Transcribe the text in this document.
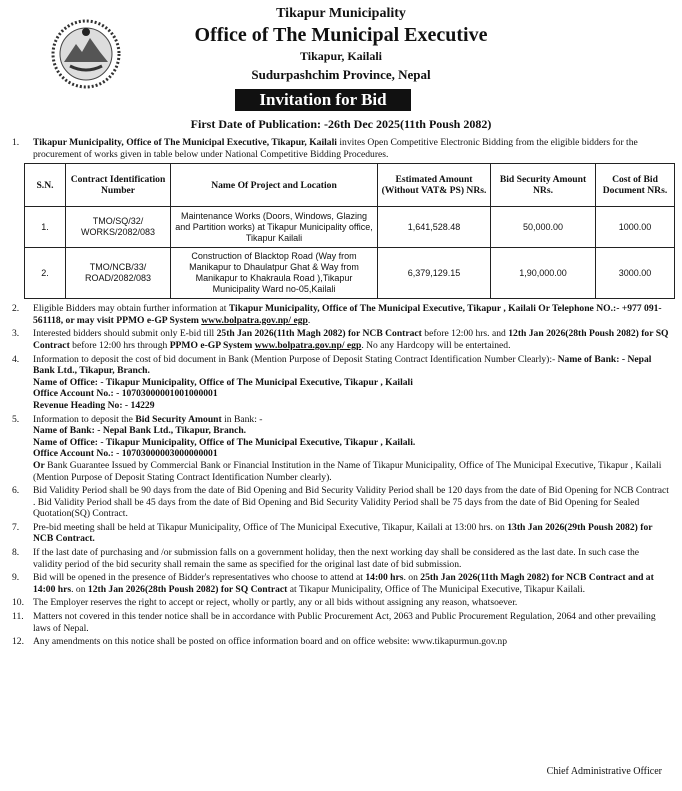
Tikapur Municipality
Office of The Municipal Executive
Tikapur, Kailali
Sudurpashchim Province, Nepal
Invitation for Bid
First Date of Publication: -26th Dec 2025(11th Poush 2082)
1.	Tikapur Municipality, Office of The Municipal Executive, Tikapur, Kailali invites Open Competitive Electronic Bidding from the eligible bidders for the procurement of works given in table below under National Competitive Bidding Procedures.
S.N.	Contract Identification Number	Name Of Project and Location	Estimated Amount (Without VAT& PS) NRs.	Bid Security Amount NRs.	Cost of Bid Document NRs.
1.	TMO/SQ/32/ WORKS/2082/083	Maintenance Works (Doors, Windows, Glazing and Partition works) at Tikapur Municipality office, Tikapur Kailali	1,641,528.48	50,000.00	1000.00
2.	TMO/NCB/33/ ROAD/2082/083	Construction of Blacktop Road (Way from Manikapur to Dhaulatpur Ghat & Way from Manikapur to Khakraula Road ),Tikapur Municipality Ward no-05,Kailali	6,379,129.15	1,90,000.00	3000.00
2.	Eligible Bidders may obtain further information at Tikapur Municipality, Office of The Municipal Executive, Tikapur , Kailali Or Telephone NO.:- +977 091-561118, or may visit PPMO e-GP System www.bolpatra.gov.np/ egp.
3.	Interested bidders should submit only E-bid till 25th Jan 2026(11th Magh 2082) for NCB Contract before 12:00 hrs. and 12th Jan 2026(28th Poush 2082) for SQ Contract before 12:00 hrs through PPMO e-GP System www.bolpatra.gov.np/ egp. No any Hardcopy will be entertained.
4.	Information to deposit the cost of bid document in Bank (Mention Purpose of Deposit Stating Contract Identification Number Clearly):- Name of Bank: - Nepal Bank Ltd., Tikapur, Branch.
Name of Office: - Tikapur Municipality, Office of The Municipal Executive, Tikapur , Kailali
Office Account No.: - 10703000001001000001
Revenue Heading No: - 14229
5.	Information to deposit the Bid Security Amount in Bank: -
Name of Bank: - Nepal Bank Ltd., Tikapur, Branch.
Name of Office: - Tikapur Municipality, Office of The Municipal Executive, Tikapur , Kailali.
Office Account No.: - 10703000003000000001
Or Bank Guarantee Issued by Commercial Bank or Financial Institution in the Name of Tikapur Municipality, Office of The Municipal Executive, Tikapur , Kailali (Mention Purpose of Deposit Stating Contract Identification Number clearly).
6.	Bid Validity Period shall be 90 days from the date of Bid Opening and Bid Security Validity Period shall be 120 days from the date of Bid Opening for NCB Contract . Bid Validity Period shall be 45 days from the date of Bid Opening and Bid Security Validity Period shall be 75 days from the date of Bid Opening for Sealed Quotation(SQ) Contract.
7.	Pre-bid meeting shall be held at Tikapur Municipality, Office of The Municipal Executive, Tikapur, Kailali at 13:00 hrs. on 13th Jan 2026(29th Poush 2082) for NCB Contract.
8.	If the last date of purchasing and /or submission falls on a government holiday, then the next working day shall be considered as the last date. In such case the validity period of the bid security shall remain the same as specified for the original last date of bid submission.
9.	Bid will be opened in the presence of Bidder's representatives who choose to attend at 14:00 hrs. on 25th Jan 2026(11th Magh 2082) for NCB Contract and at 14:00 hrs. on 12th Jan 2026(28th Poush 2082) for SQ Contract at Tikapur Municipality, Office of The Municipal Executive, Tikapur Kailali.
10. The Employer reserves the right to accept or reject, wholly or partly, any or all bids without assigning any reason, whatsoever.
11. Matters not covered in this tender notice shall be in accordance with Public Procurement Act, 2063 and Public Procurement Regulation, 2064 and other prevailing laws of Nepal.
12. Any amendments on this notice shall be posted on office information board and on office website: www.tikapurmun.gov.np
Chief Administrative Officer
